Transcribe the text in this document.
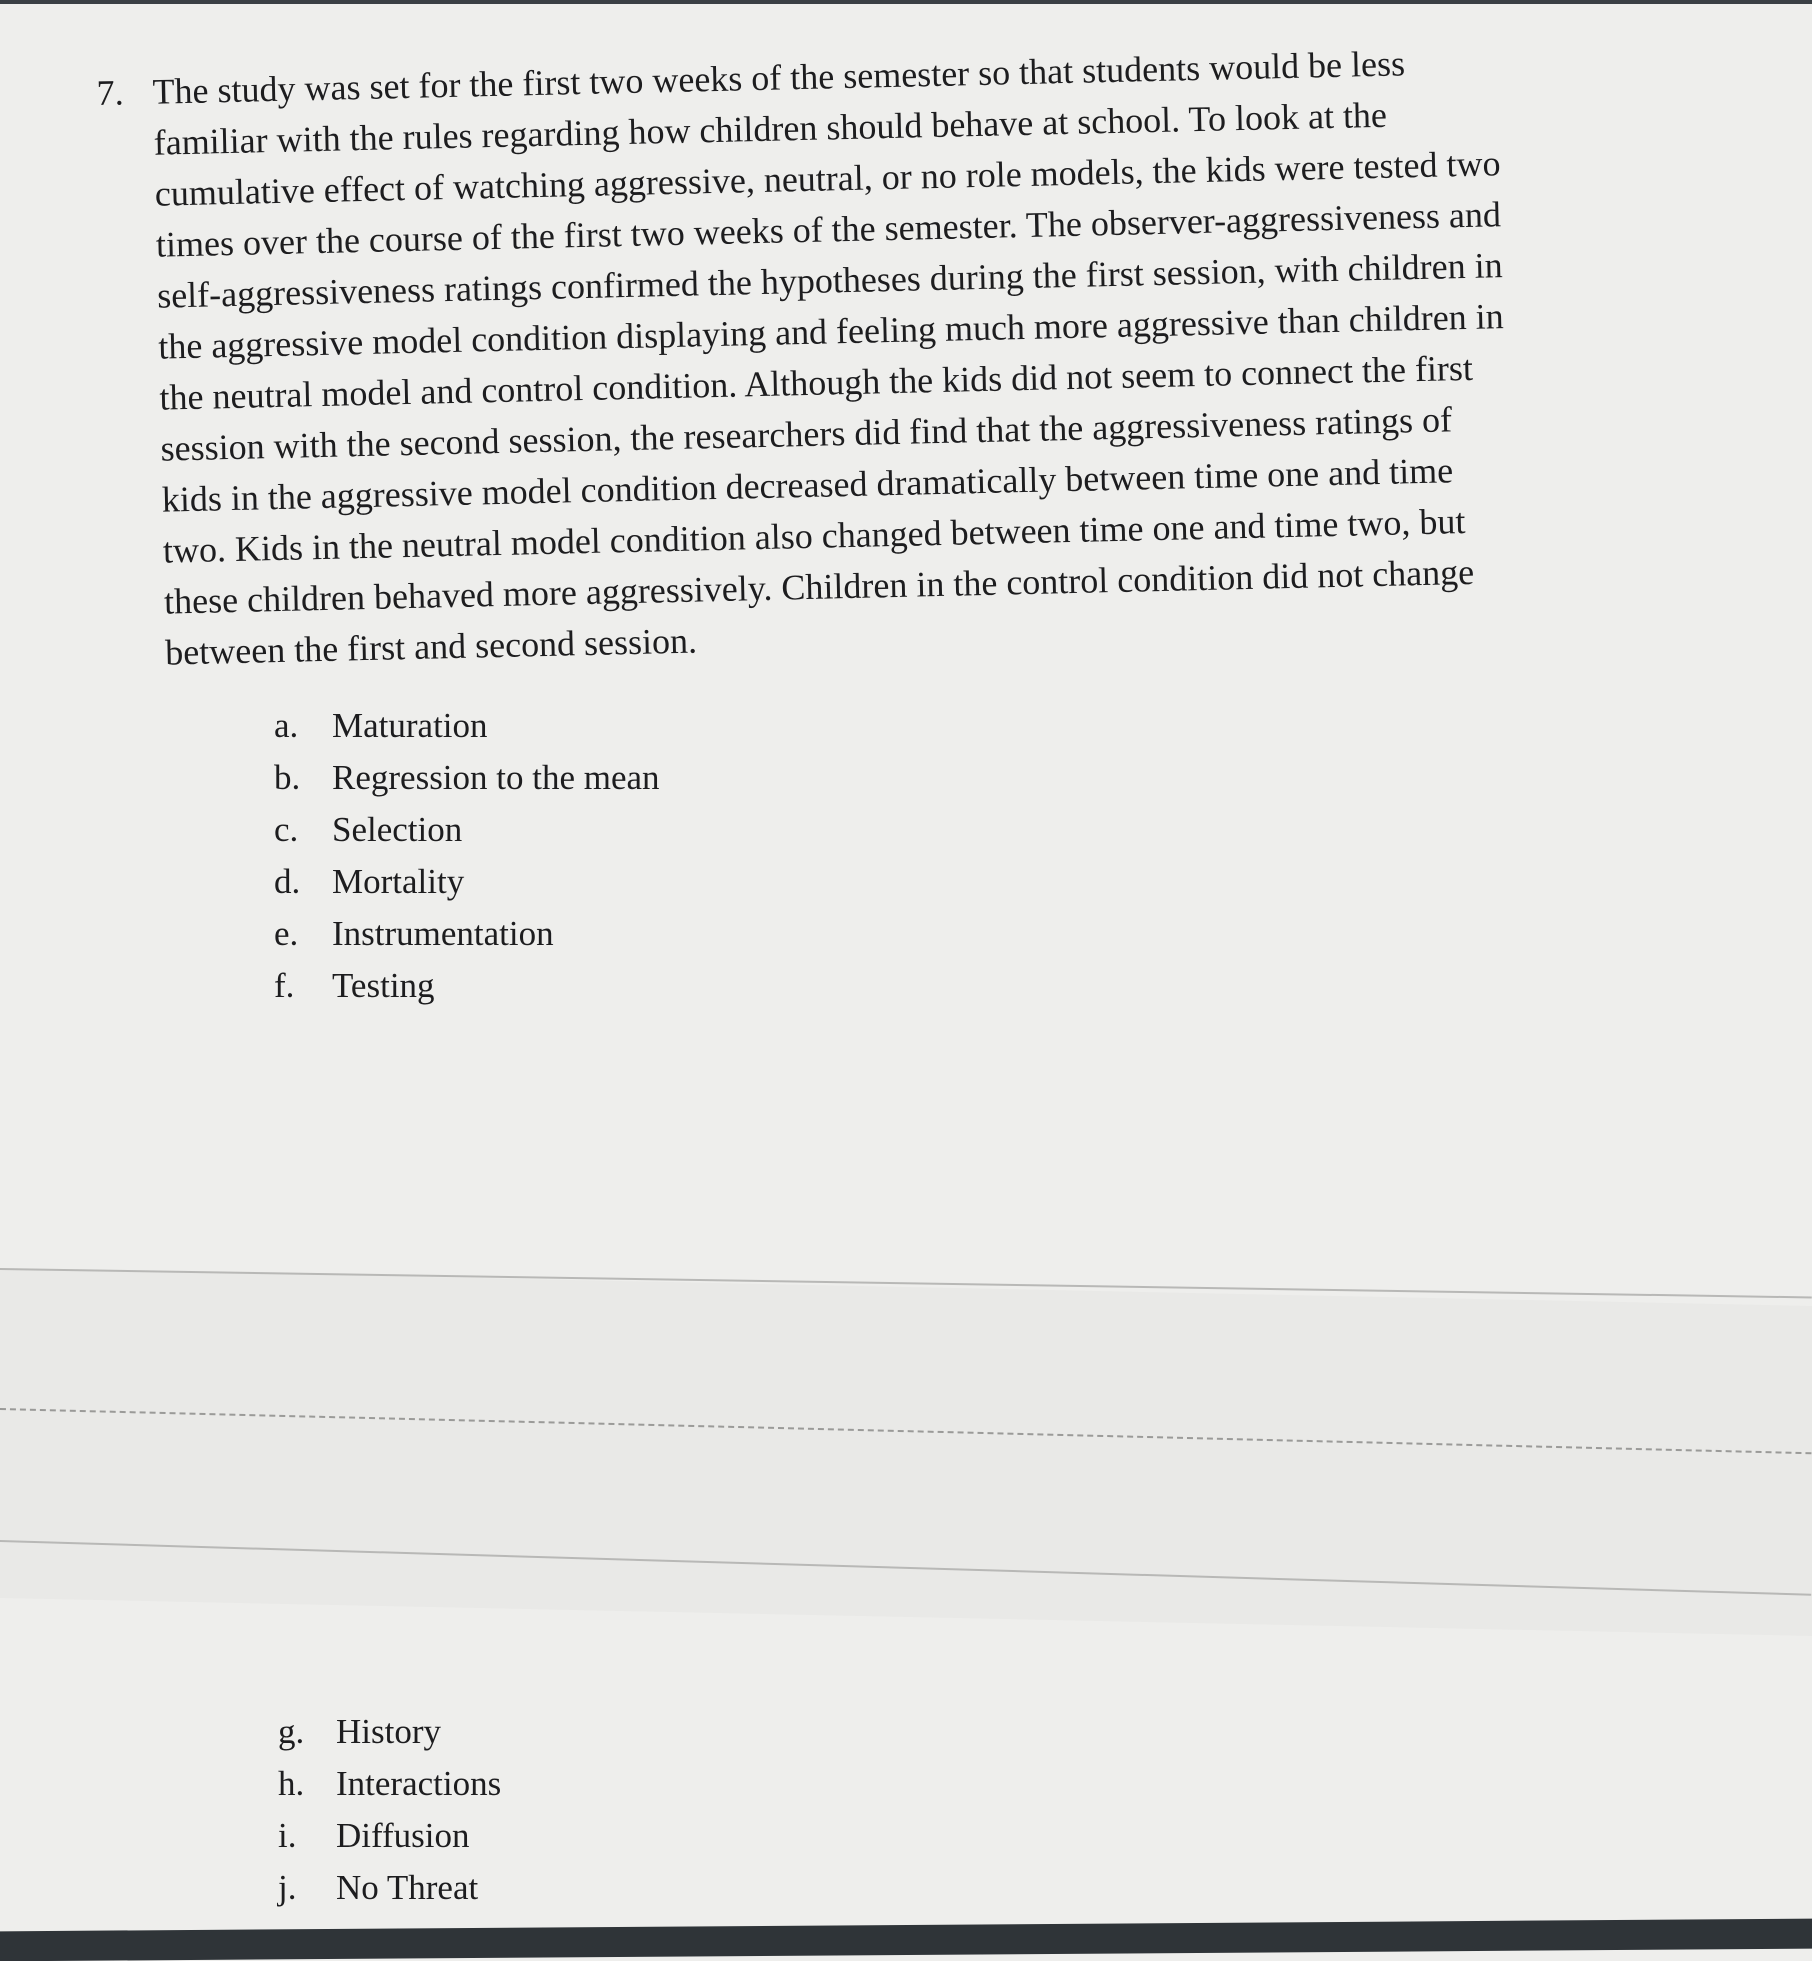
7. The study was set for the first two weeks of the semester so that students would be less
familiar with the rules regarding how children should behave at school. To look at the
cumulative effect of watching aggressive, neutral, or no role models, the kids were tested two
times over the course of the first two weeks of the semester. The observer-aggressiveness and
self-aggressiveness ratings confirmed the hypotheses during the first session, with children in
the aggressive model condition displaying and feeling much more aggressive than children in
the neutral model and control condition. Although the kids did not seem to connect the first
session with the second session, the researchers did find that the aggressiveness ratings of
kids in the aggressive model condition decreased dramatically between time one and time
two. Kids in the neutral model condition also changed between time one and time two, but
these children behaved more aggressively. Children in the control condition did not change
between the first and second session.
a. Maturation
b. Regression to the mean
c. Selection
d. Mortality
e. Instrumentation
f.	Testing
g. History
h. Interactions
i.	Diffusion
j.	No Threat
